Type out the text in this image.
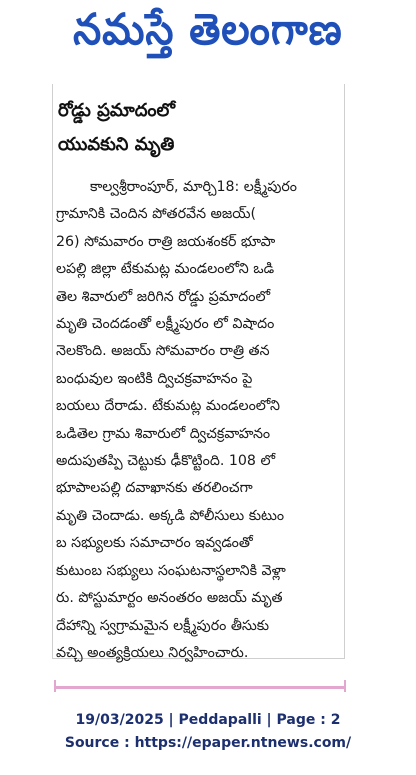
నమస్తే తెలంగాణ
రోడ్డు ప్రమాదంలో
యువకుని మృతి
కాల్వశ్రీరాంపూర్, మార్చి18: లక్ష్మీపురం
గ్రామానికి చెందిన పోతరవేన అజయ్(
26) సోమవారం రాత్రి జయశంకర్ భూపా
లపల్లి జిల్లా టేకుమట్ల మండలంలోని ఒడి
తెల శివారులో జరిగిన రోడ్డు ప్రమాదంలో
మృతి చెందడంతో లక్ష్మీపురం లో విషాదం
నెలకొంది. అజయ్ సోమవారం రాత్రి తన
బంధువుల ఇంటికి ద్విచక్రవాహనం పై
బయలు దేరాడు. టేకుమట్ల మండలంలోని
ఒడితెల గ్రామ శివారులో ద్విచక్రవాహనం
అదుపుతప్పి చెట్టుకు ఢీకొట్టింది. 108 లో
భూపాలపల్లి దవాఖానకు తరలించగా
మృతి చెందాడు. అక్కడి పోలీసులు కుటుం
బ సభ్యులకు సమాచారం ఇవ్వడంతో
కుటుంబ సభ్యులు సంఘటనాస్థలానికి వెళ్లా
రు. పోస్టుమార్టం అనంతరం అజయ్ మృత
దేహాన్ని స్వగ్రామమైన లక్ష్మీపురం తీసుకు
వచ్చి అంత్యక్రియలు నిర్వహించారు.
19/03/2025 | Peddapalli | Page : 2
Source : https://epaper.ntnews.com/
